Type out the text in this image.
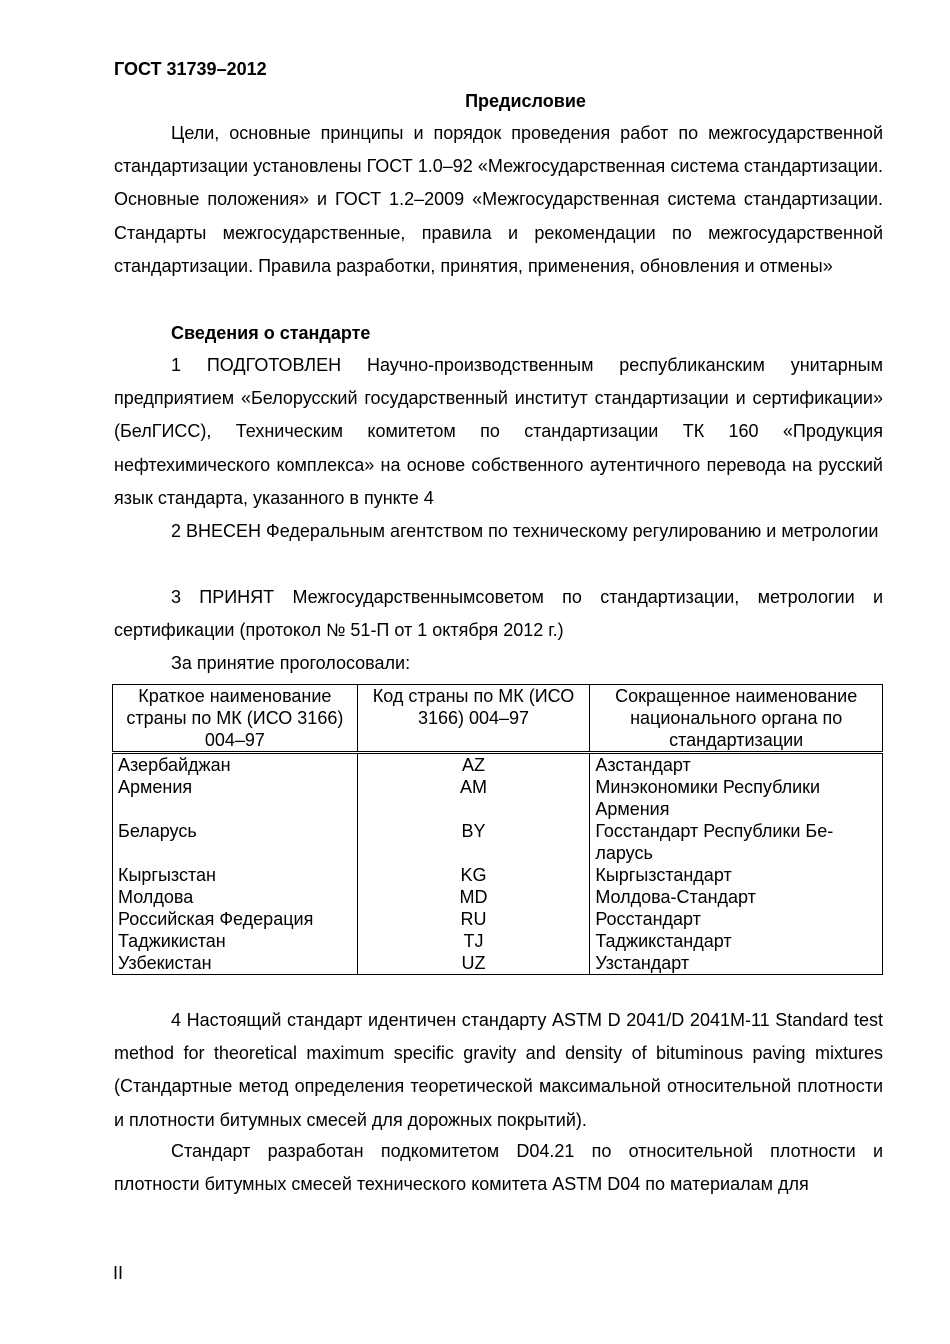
ГОСТ 31739–2012

Предисловие

Цели, основные принципы и порядок проведения работ по межгосударственной стандартизации установлены ГОСТ 1.0–92 «Межгосударственная система стандартизации. Основные положения» и ГОСТ 1.2–2009 «Межгосударственная система стандартизации. Стандарты межгосударственные, правила и рекомендации по межгосударственной стандартизации. Правила разработки, принятия, применения, обновления и отмены»

Сведения о стандарте

1 ПОДГОТОВЛЕН Научно-производственным республиканским унитарным предприятием «Белорусский государственный институт стандартизации и сертификации» (БелГИСС), Техническим комитетом по стандартизации ТК 160 «Продукция нефтехимического комплекса» на основе собственного аутентичного перевода на русский язык стандарта, указанного в пункте 4

2 ВНЕСЕН Федеральным агентством по техническому регулированию и метрологии

3 ПРИНЯТ Межгосударственнымсоветом по стандартизации, метрологии и сертификации (протокол № 51-П от 1 октября 2012 г.)

За принятие проголосовали:

Краткое наименование страны по МК (ИСО 3166) 004–97	Код страны по МК (ИСО 3166) 004–97	Сокращенное наименование национального органа по стандартизации
Азербайджан	AZ	Азстандарт
Армения	AM	Минэкономики Республики Армения
Беларусь	BY	Госстандарт Республики Беларусь
Кыргызстан	KG	Кыргызстандарт
Молдова	MD	Молдова-Стандарт
Российская Федерация	RU	Росстандарт
Таджикистан	TJ	Таджикстандарт
Узбекистан	UZ	Узстандарт

4 Настоящий стандарт идентичен стандарту ASTM D 2041/D 2041M-11 Standard test method for theoretical maximum specific gravity and density of bituminous paving mixtures (Стандартные метод определения теоретической максимальной относительной плотности и плотности битумных смесей для дорожных покрытий).

Стандарт разработан подкомитетом D04.21 по относительной плотности и плотности битумных смесей технического комитета ASTM D04 по материалам для

II
